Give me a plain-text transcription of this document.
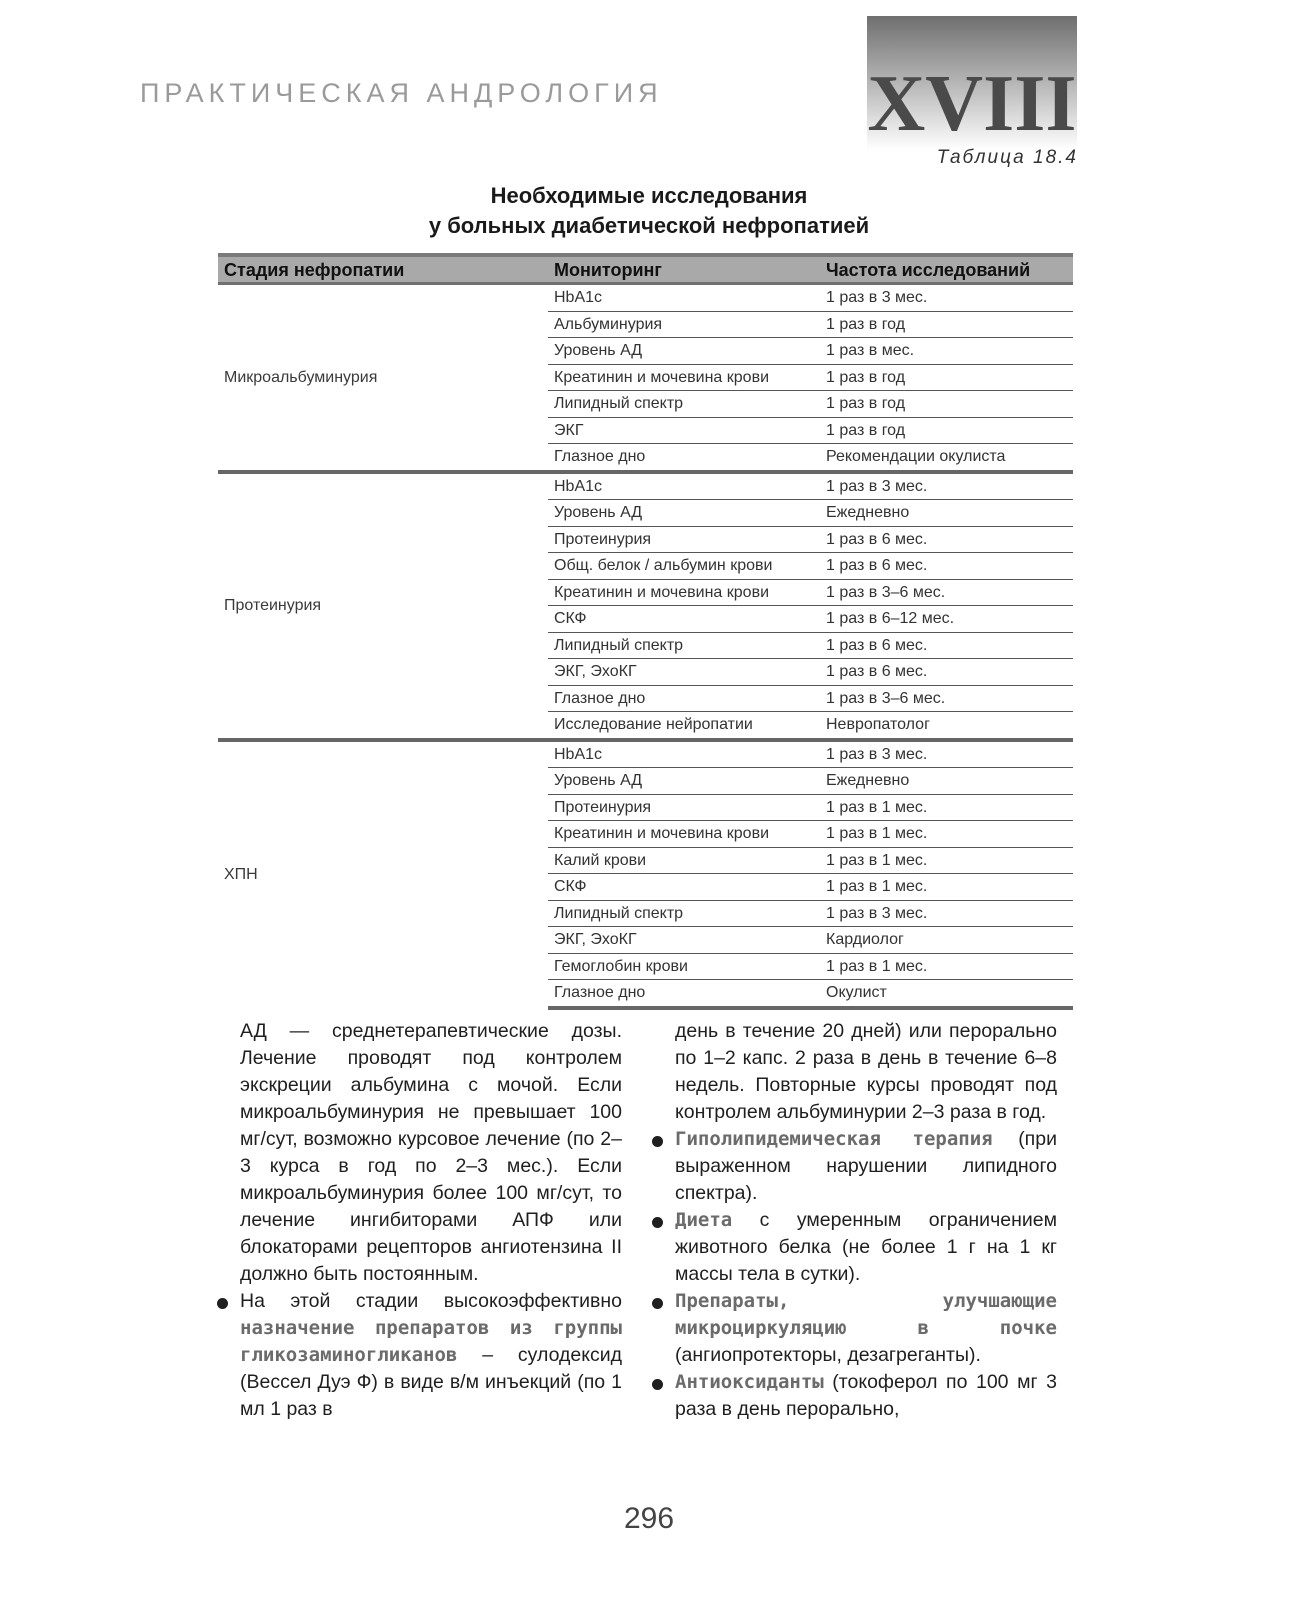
ПРАКТИЧЕСКАЯ АНДРОЛОГИЯ	XVIII
Таблица 18.4
Необходимые исследования
у больных диабетической нефропатией
Стадия нефропатии	Мониторинг	Частота исследований
Микроальбуминурия	HbA1c	1 раз в 3 мес.
	Альбуминурия	1 раз в год
	Уровень АД	1 раз в мес.
	Креатинин и мочевина крови	1 раз в год
	Липидный спектр	1 раз в год
	ЭКГ	1 раз в год
	Глазное дно	Рекомендации окулиста
Протеинурия	HbA1c	1 раз в 3 мес.
	Уровень АД	Ежедневно
	Протеинурия	1 раз в 6 мес.
	Общ. белок / альбумин крови	1 раз в 6 мес.
	Креатинин и мочевина крови	1 раз в 3–6 мес.
	СКФ	1 раз в 6–12 мес.
	Липидный спектр	1 раз в 6 мес.
	ЭКГ, ЭхоКГ	1 раз в 6 мес.
	Глазное дно	1 раз в 3–6 мес.
	Исследование нейропатии	Невропатолог
ХПН	HbA1c	1 раз в 3 мес.
	Уровень АД	Ежедневно
	Протеинурия	1 раз в 1 мес.
	Креатинин и мочевина крови	1 раз в 1 мес.
	Калий крови	1 раз в 1 мес.
	СКФ	1 раз в 1 мес.
	Липидный спектр	1 раз в 3 мес.
	ЭКГ, ЭхоКГ	Кардиолог
	Гемоглобин крови	1 раз в 1 мес.
	Глазное дно	Окулист

АД — среднетерапевтические дозы. Лечение проводят под контролем экскреции альбумина с мочой. Если микроальбуминурия не превышает 100 мг/сут, возможно курсовое лечение (по 2–3 курса в год по 2–3 мес.). Если микроальбуминурия более 100 мг/сут, то лечение ингибиторами АПФ или блокаторами рецепторов ангиотензина II должно быть постоянным.

На этой стадии высокоэффективно назначение препаратов из группы гликозаминогликанов – сулодексид (Вессел Дуэ Ф) в виде в/м инъекций (по 1 мл 1 раз в

день в течение 20 дней) или перорально по 1–2 капс. 2 раза в день в течение 6–8 недель. Повторные курсы проводят под контролем альбуминурии 2–3 раза в год.

Гиполипидемическая терапия (при выраженном нарушении липидного спектра).

Диета с умеренным ограничением животного белка (не более 1 г на 1 кг массы тела в сутки).

Препараты, улучшающие микроциркуляцию в почке (ангиопротекторы, дезагреганты).

Антиоксиданты (токоферол по 100 мг 3 раза в день перорально,

296
